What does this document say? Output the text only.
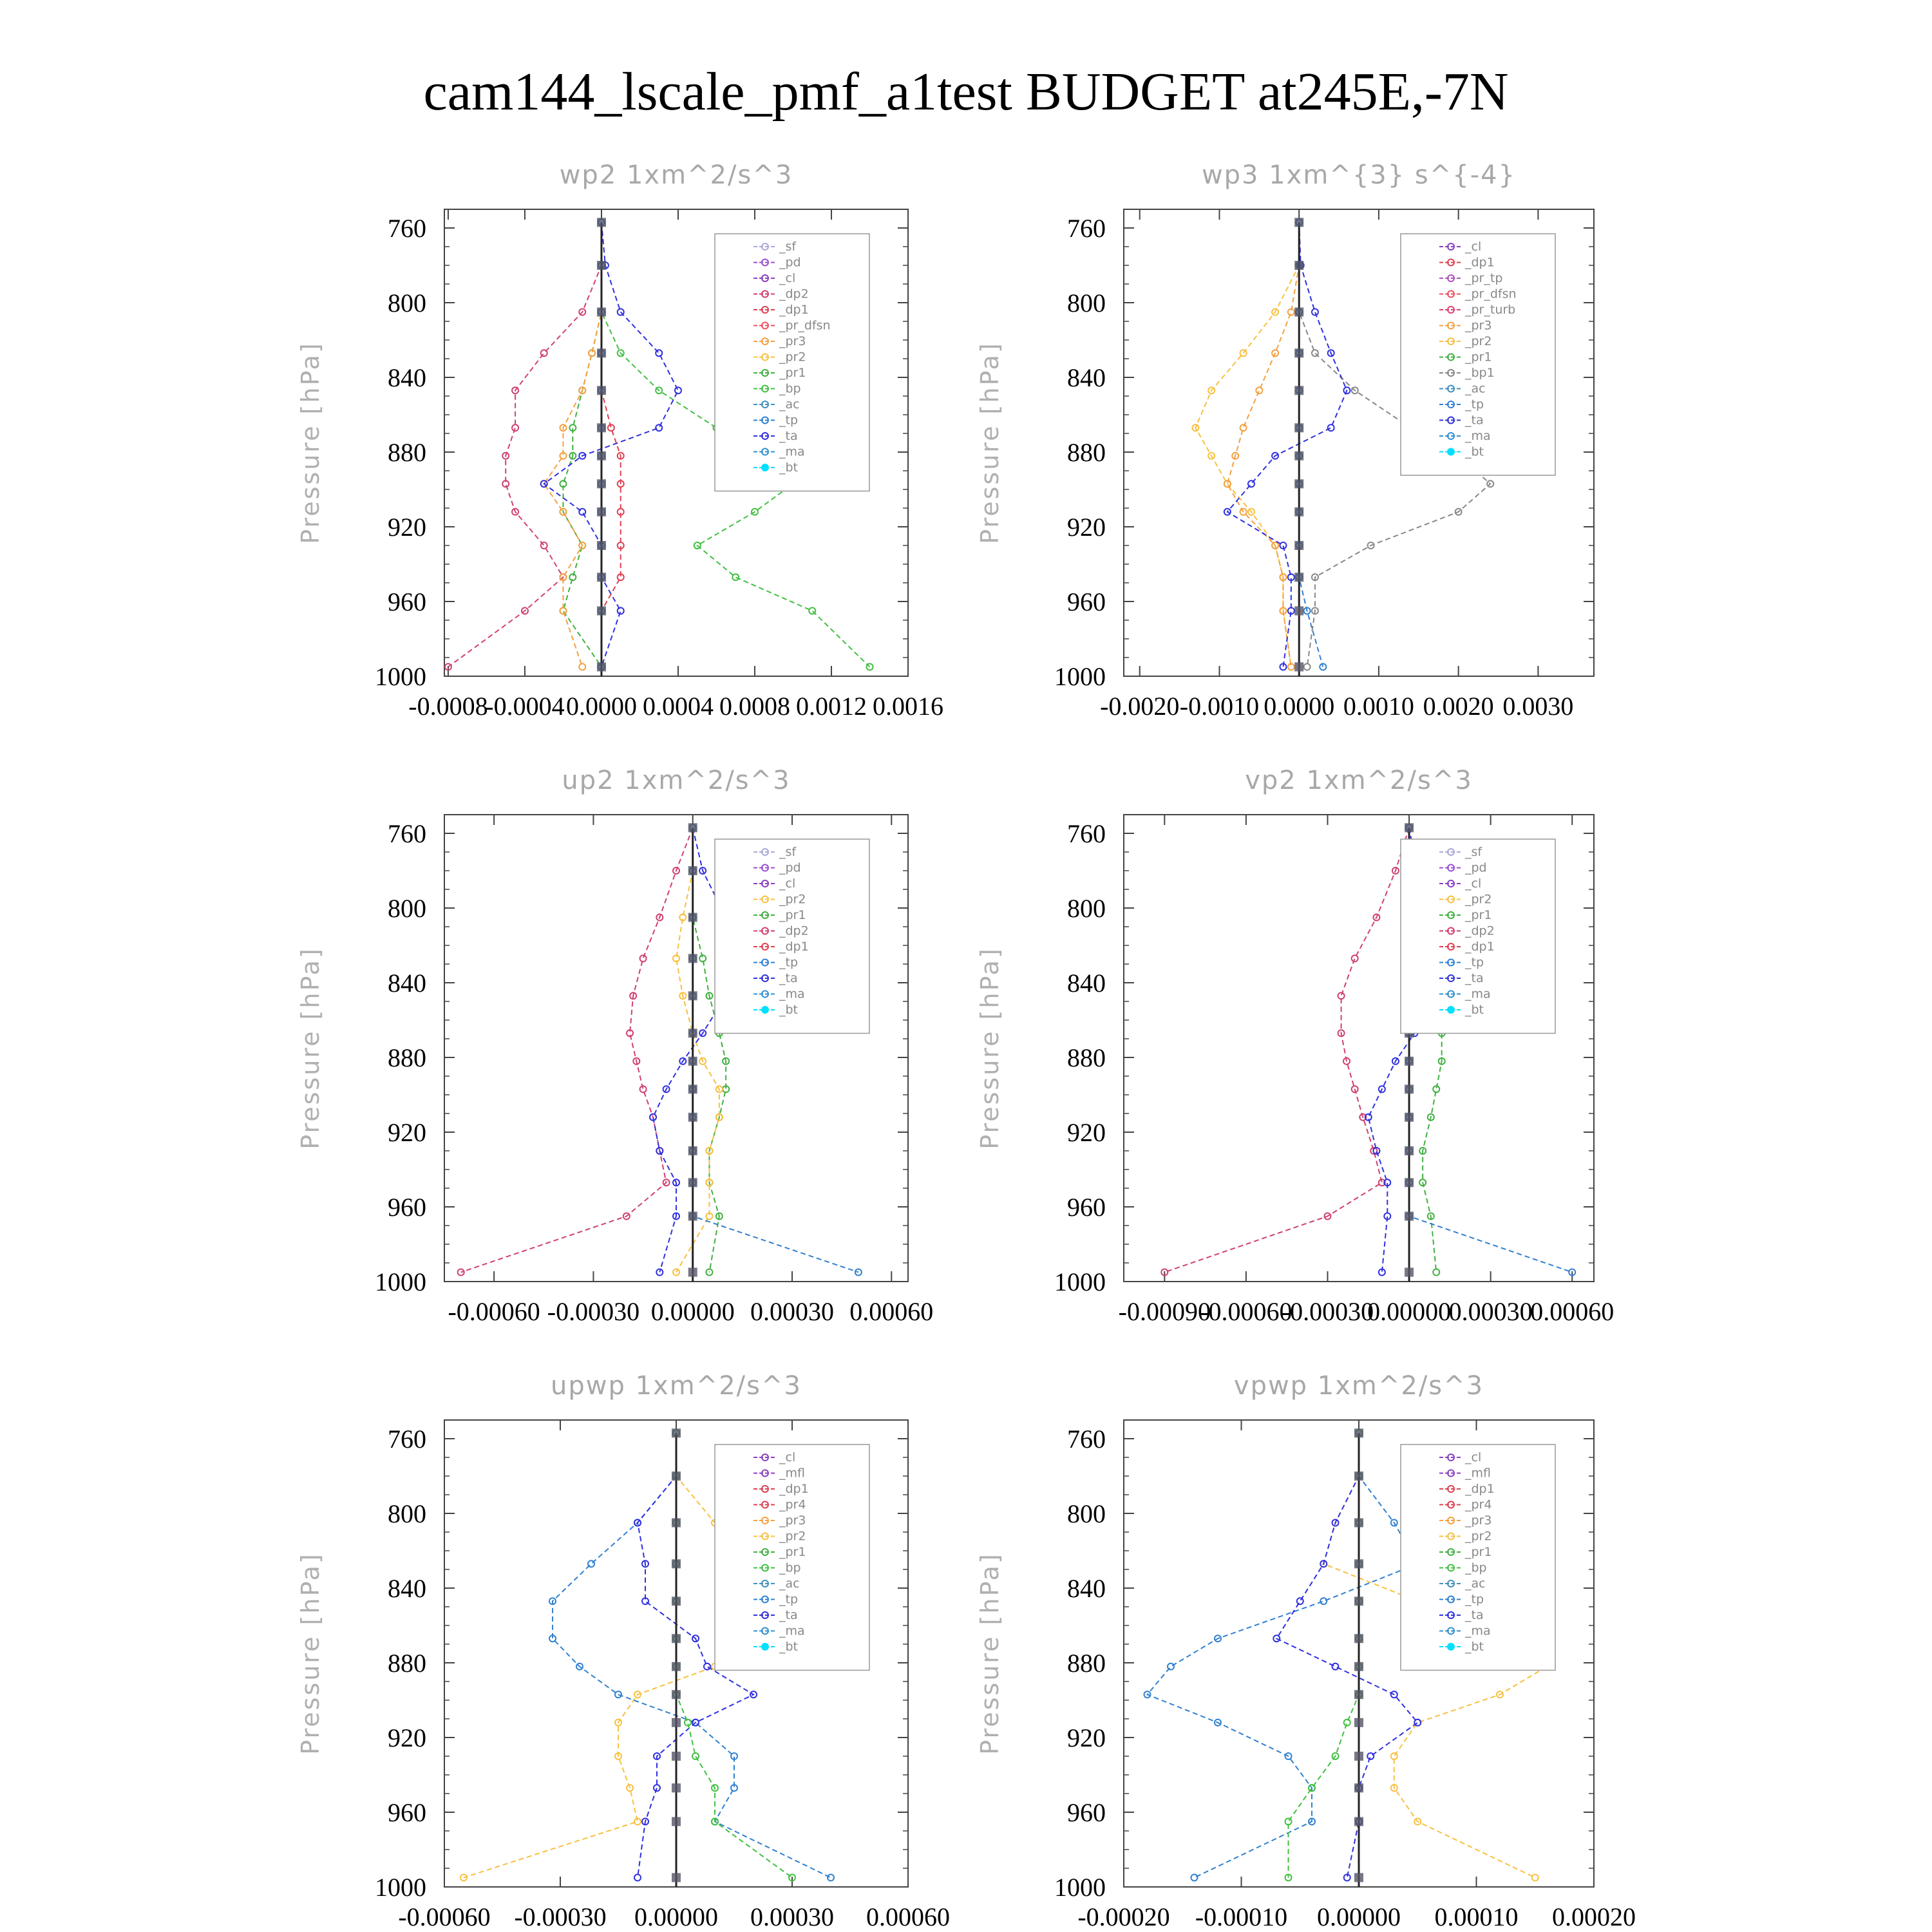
cam144_lscale_pmf_a1test BUDGET at245E,-7N
wp2 1xm^2/s^3
760
800
840
880
920
960
1000
-0.0008
-0.0004 0.0000 0.0004 0.0008 0.0012 0.0016
Pressure [hPa]
_sf
_pd
_cl
_dp2
_dp1
_pr_dfsn
_pr3
_pr2
_pr1
_bp
_ac
_tp
_ta
_ma
_bt
wp3 1xm^{3} s^{-4}
760
800
840
880
920
960
1000
-0.0020 -0.0010 0.0000 0.0010 0.0020 0.0030
Pressure [hPa]
_cl
_dp1
_pr_tp
_pr_dfsn
_pr_turb
_pr3
_pr2
_pr1
_bp1
_ac
_tp
_ta
_ma
_bt
up2 1xm^2/s^3
760
800
840
880
920
960
1000
-0.00060 -0.00030 0.00000 0.00030 0.00060
Pressure [hPa]
_sf
_pd
_cl
_pr2
_pr1
_dp2
_dp1
_tp
_ta
_ma
_bt
vp2 1xm^2/s^3
760
800
840
880
920
960
1000
-0.00090
-0.00060
-0.00030
0.00000
0.00030
0.00060
Pressure [hPa]
_sf
_pd
_cl
_pr2
_pr1
_dp2
_dp1
_tp
_ta
_ma
_bt
upwp 1xm^2/s^3
760
800
840
880
920
960
1000
-0.00060 -0.00030 0.00000 0.00030 0.00060
Pressure [hPa]
_cl
_mfl
_dp1
_pr4
_pr3
_pr2
_pr1
_bp
_ac
_tp
_ta
_ma
_bt
vpwp 1xm^2/s^3
760
800
840
880
920
960
1000
-0.00020 -0.00010 0.00000 0.00010 0.00020
Pressure [hPa]
_cl
_mfl
_dp1
_pr4
_pr3
_pr2
_pr1
_bp
_ac
_tp
_ta
_ma
_bt
